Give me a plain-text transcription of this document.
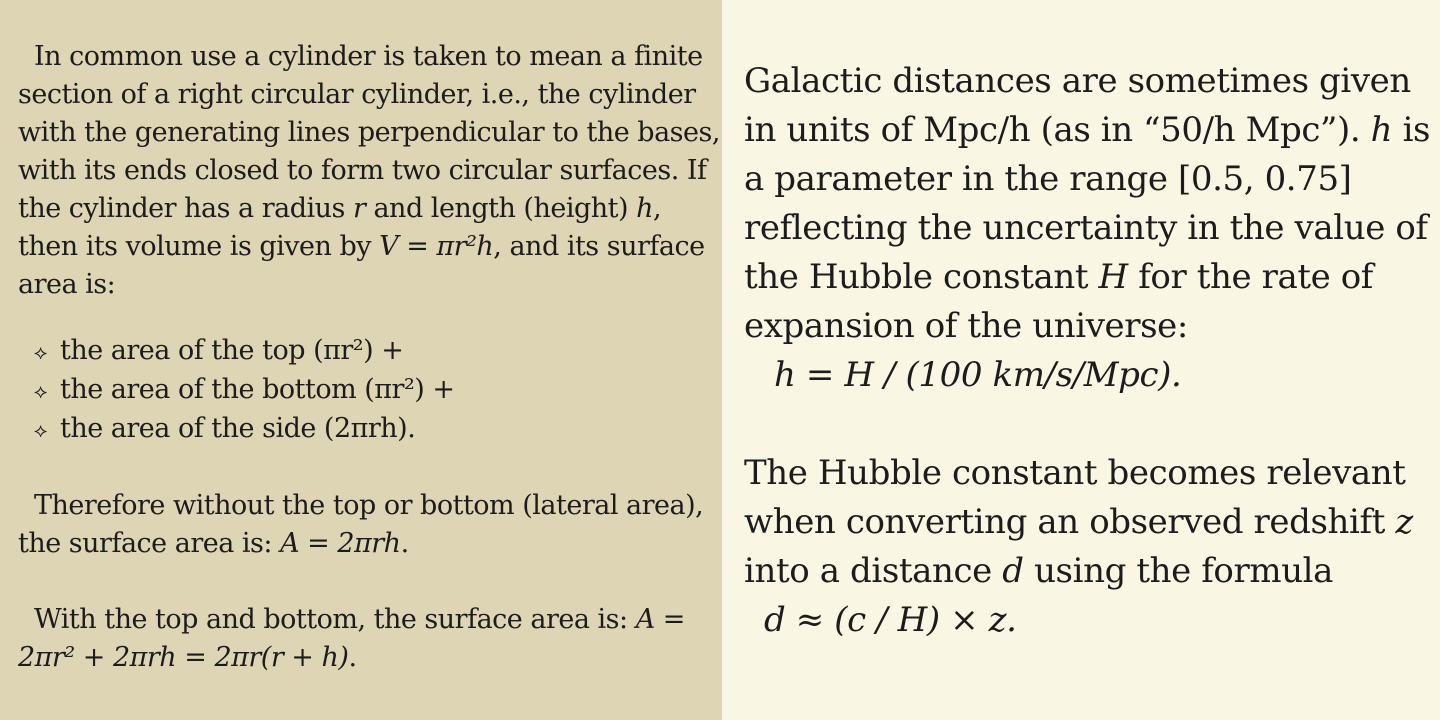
In common use a cylinder is taken to mean a finite section of a right circular cylinder, i.e., the cylinder with the generating lines perpendicular to the bases, with its ends closed to form two circular surfaces. If the cylinder has a radius r and length (height) h, then its volume is given by V = πr²h, and its surface area is:

⟡ the area of the top (πr²) +
⟡ the area of the bottom (πr²) +
⟡ the area of the side (2πrh).

Therefore without the top or bottom (lateral area), the surface area is: A = 2πrh.

With the top and bottom, the surface area is: A = 2πr² + 2πrh = 2πr(r + h).

Galactic distances are sometimes given in units of Mpc/h (as in “50/h Mpc”). h is a parameter in the range [0.5, 0.75] reflecting the uncertainty in the value of the Hubble constant H for the rate of expansion of the universe:

h = H / (100 km/s/Mpc).

The Hubble constant becomes relevant when converting an observed redshift z into a distance d using the formula

d ≈ (c / H) × z.
